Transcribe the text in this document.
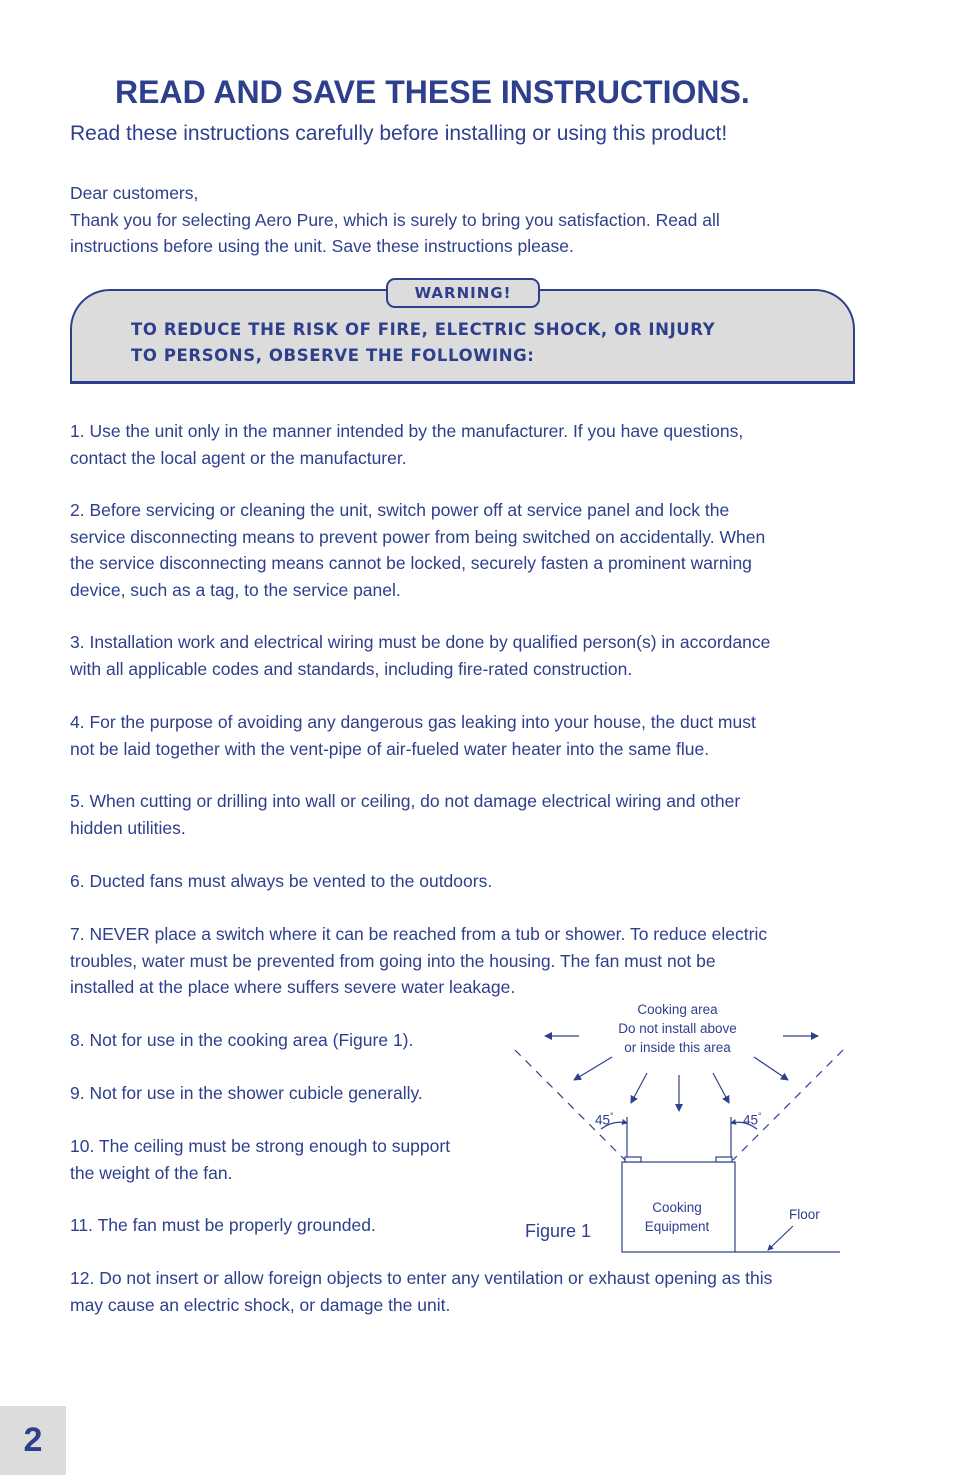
READ AND SAVE THESE INSTRUCTIONS.

Read these instructions carefully before installing or using this product!

Dear customers,
Thank you for selecting Aero Pure, which is surely to bring you satisfaction. Read all
instructions before using the unit. Save these instructions please.
WARNING!
TO REDUCE THE RISK OF FIRE, ELECTRIC SHOCK, OR INJURY
TO PERSONS, OBSERVE THE FOLLOWING:
1. Use the unit only in the manner intended by the manufacturer. If you have questions,
contact the local agent or the manufacturer.
2. Before servicing or cleaning the unit, switch power off at service panel and lock the
service disconnecting means to prevent power from being switched on accidentally. When
the service disconnecting means cannot be locked, securely fasten a prominent warning
device, such as a tag, to the service panel.
3. Installation work and electrical wiring must be done by qualified person(s) in accordance
with all applicable codes and standards, including fire-rated construction.
4. For the purpose of avoiding any dangerous gas leaking into your house, the duct must
not be laid together with the vent-pipe of air-fueled water heater into the same flue.
5. When cutting or drilling into wall or ceiling, do not damage electrical wiring and other
hidden utilities.
6. Ducted fans must always be vented to the outdoors.
7. NEVER place a switch where it can be reached from a tub or shower. To reduce electric
troubles, water must be prevented from going into the housing. The fan must not be
installed at the place where suffers severe water leakage.
8. Not for use in the cooking area (Figure 1).
9. Not for use in the shower cubicle generally.
10. The ceiling must be strong enough to support
the weight of the fan.
11. The fan must be properly grounded.
12. Do not insert or allow foreign objects to enter any ventilation or exhaust opening as this
may cause an electric shock, or damage the unit.
Cooking area
Do not install above
or inside this area
45°	45°
Cooking
Equipment
Floor
Figure 1
2
